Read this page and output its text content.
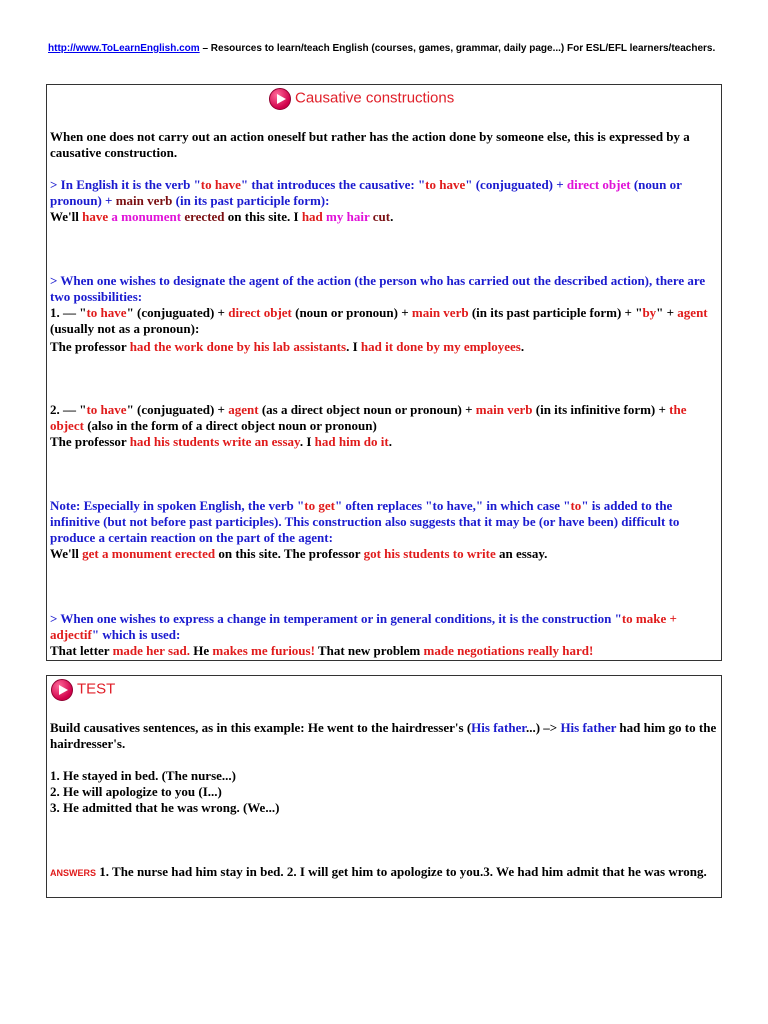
http://www.ToLearnEnglish.com – Resources to learn/teach English (courses, games, grammar, daily page...) For ESL/EFL learners/teachers.
Causative constructions
When one does not carry out an action oneself but rather has the action done by someone else, this is expressed by a causative construction.
> In English it is the verb "to have" that introduces the causative: "to have" (conjuguated) + direct objet (noun or pronoun) + main verb (in its past participle form):
We'll have a monument erected on this site. I had my hair cut.
> When one wishes to designate the agent of the action (the person who has carried out the described action), there are two possibilities:
1. –– "to have" (conjuguated) + direct objet (noun or pronoun) + main verb (in its past participle form) + "by" + agent (usually not as a pronoun):
The professor had the work done by his lab assistants. I had it done by my employees.
2. –– "to have" (conjuguated) + agent (as a direct object noun or pronoun) + main verb (in its infinitive form) + the object (also in the form of a direct object noun or pronoun)
The professor had his students write an essay. I had him do it.
Note: Especially in spoken English, the verb "to get" often replaces "to have," in which case "to" is added to the infinitive (but not before past participles). This construction also suggests that it may be (or have been) difficult to produce a certain reaction on the part of the agent:
We'll get a monument erected on this site. The professor got his students to write an essay.
> When one wishes to express a change in temperament or in general conditions, it is the construction "to make + adjectif" which is used:
That letter made her sad. He makes me furious! That new problem made negotiations really hard!
TEST
Build causatives sentences, as in this example: He went to the hairdresser's (His father...) –> His father had him go to the hairdresser's.
1. He stayed in bed. (The nurse...)
2. He will apologize to you (I...)
3. He admitted that he was wrong. (We...)
ANSWERS 1. The nurse had him stay in bed. 2. I will get him to apologize to you.3. We had him admit that he was wrong.
